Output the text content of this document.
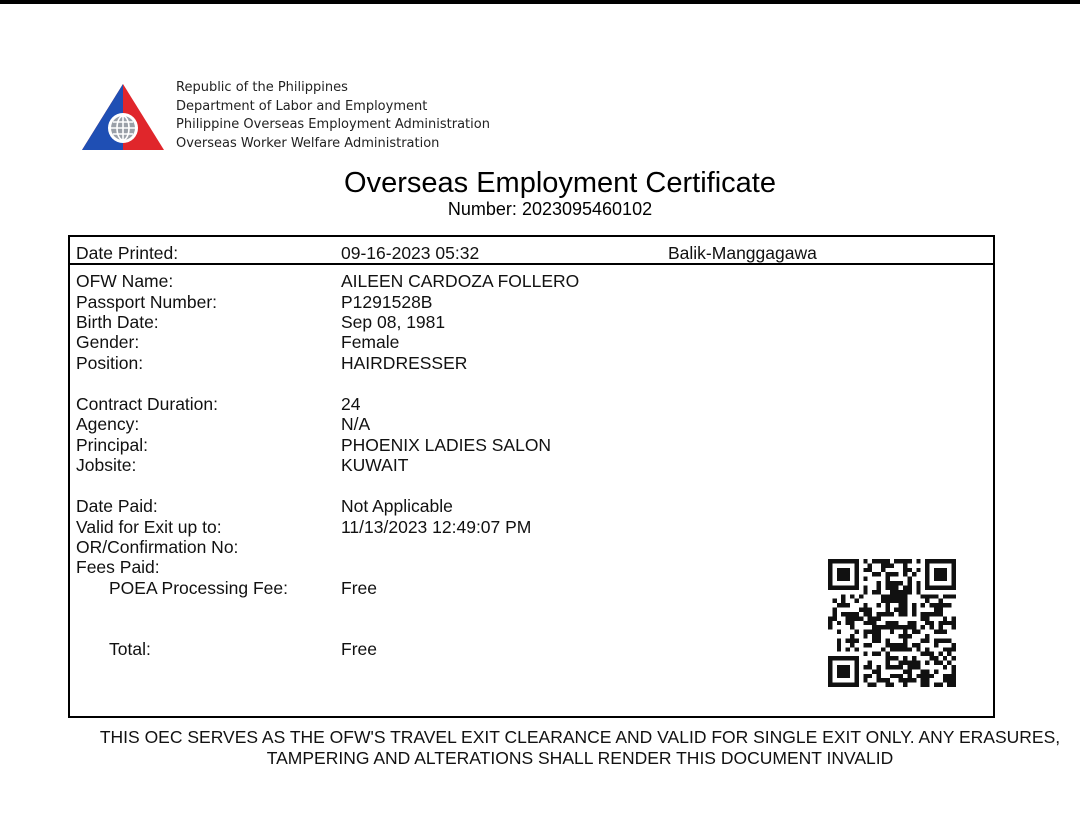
Republic of the Philippines
Department of Labor and Employment
Philippine Overseas Employment Administration
Overseas Worker Welfare Administration
Overseas Employment Certificate
Number: 2023095460102
Date Printed:	09-16-2023 05:32	Balik-Manggagawa
OFW Name:	AILEEN CARDOZA FOLLERO
Passport Number:	P1291528B
Birth Date:	Sep 08, 1981
Gender:	Female
Position:	HAIRDRESSER
Contract Duration:	24
Agency:	N/A
Principal:	PHOENIX LADIES SALON
Jobsite:	KUWAIT
Date Paid:	Not Applicable
Valid for Exit up to:	11/13/2023 12:49:07 PM
OR/Confirmation No:
Fees Paid:
POEA Processing Fee:	Free
Total:	Free
THIS OEC SERVES AS THE OFW'S TRAVEL EXIT CLEARANCE AND VALID FOR SINGLE EXIT ONLY. ANY ERASURES,
TAMPERING AND ALTERATIONS SHALL RENDER THIS DOCUMENT INVALID
